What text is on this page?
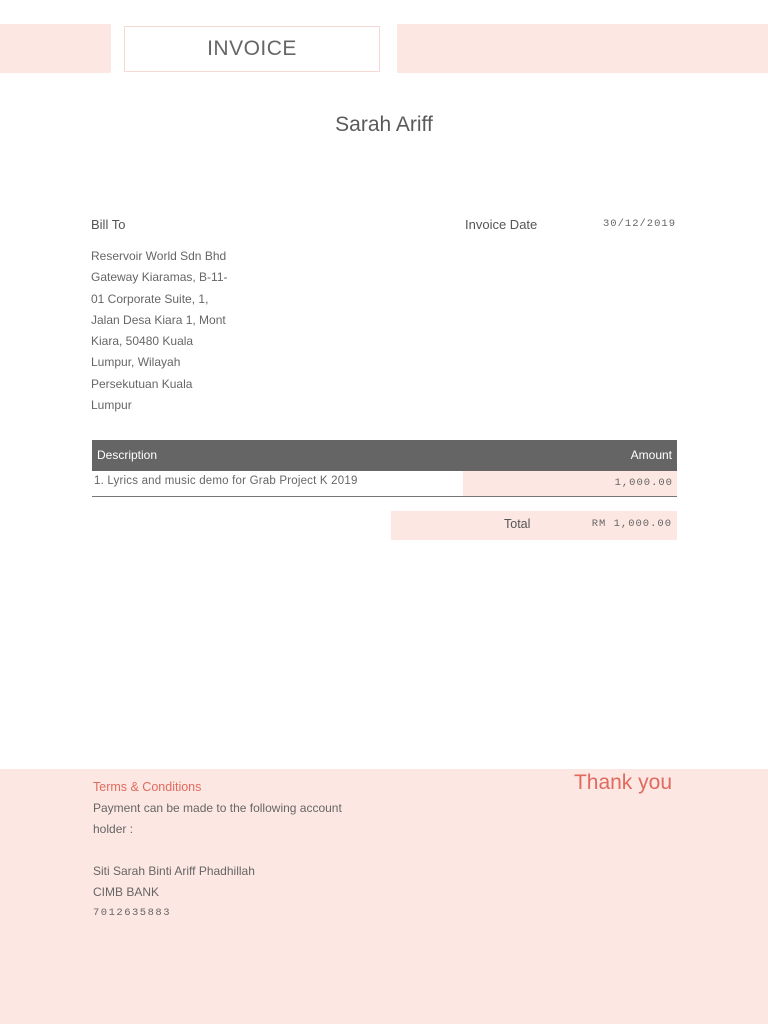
INVOICE
Sarah Ariff
Bill To	Invoice Date	30/12/2019
Reservoir World Sdn Bhd
Gateway Kiaramas, B-11-
01 Corporate Suite, 1,
Jalan Desa Kiara 1, Mont
Kiara, 50480 Kuala
Lumpur, Wilayah
Persekutuan Kuala
Lumpur
Description	Amount
1. Lyrics and music demo for Grab Project K 2019	1,000.00
Total	RM 1,000.00
Terms & Conditions	Thank you
Payment can be made to the following account
holder :
Siti Sarah Binti Ariff Phadhillah
CIMB BANK
7012635883
